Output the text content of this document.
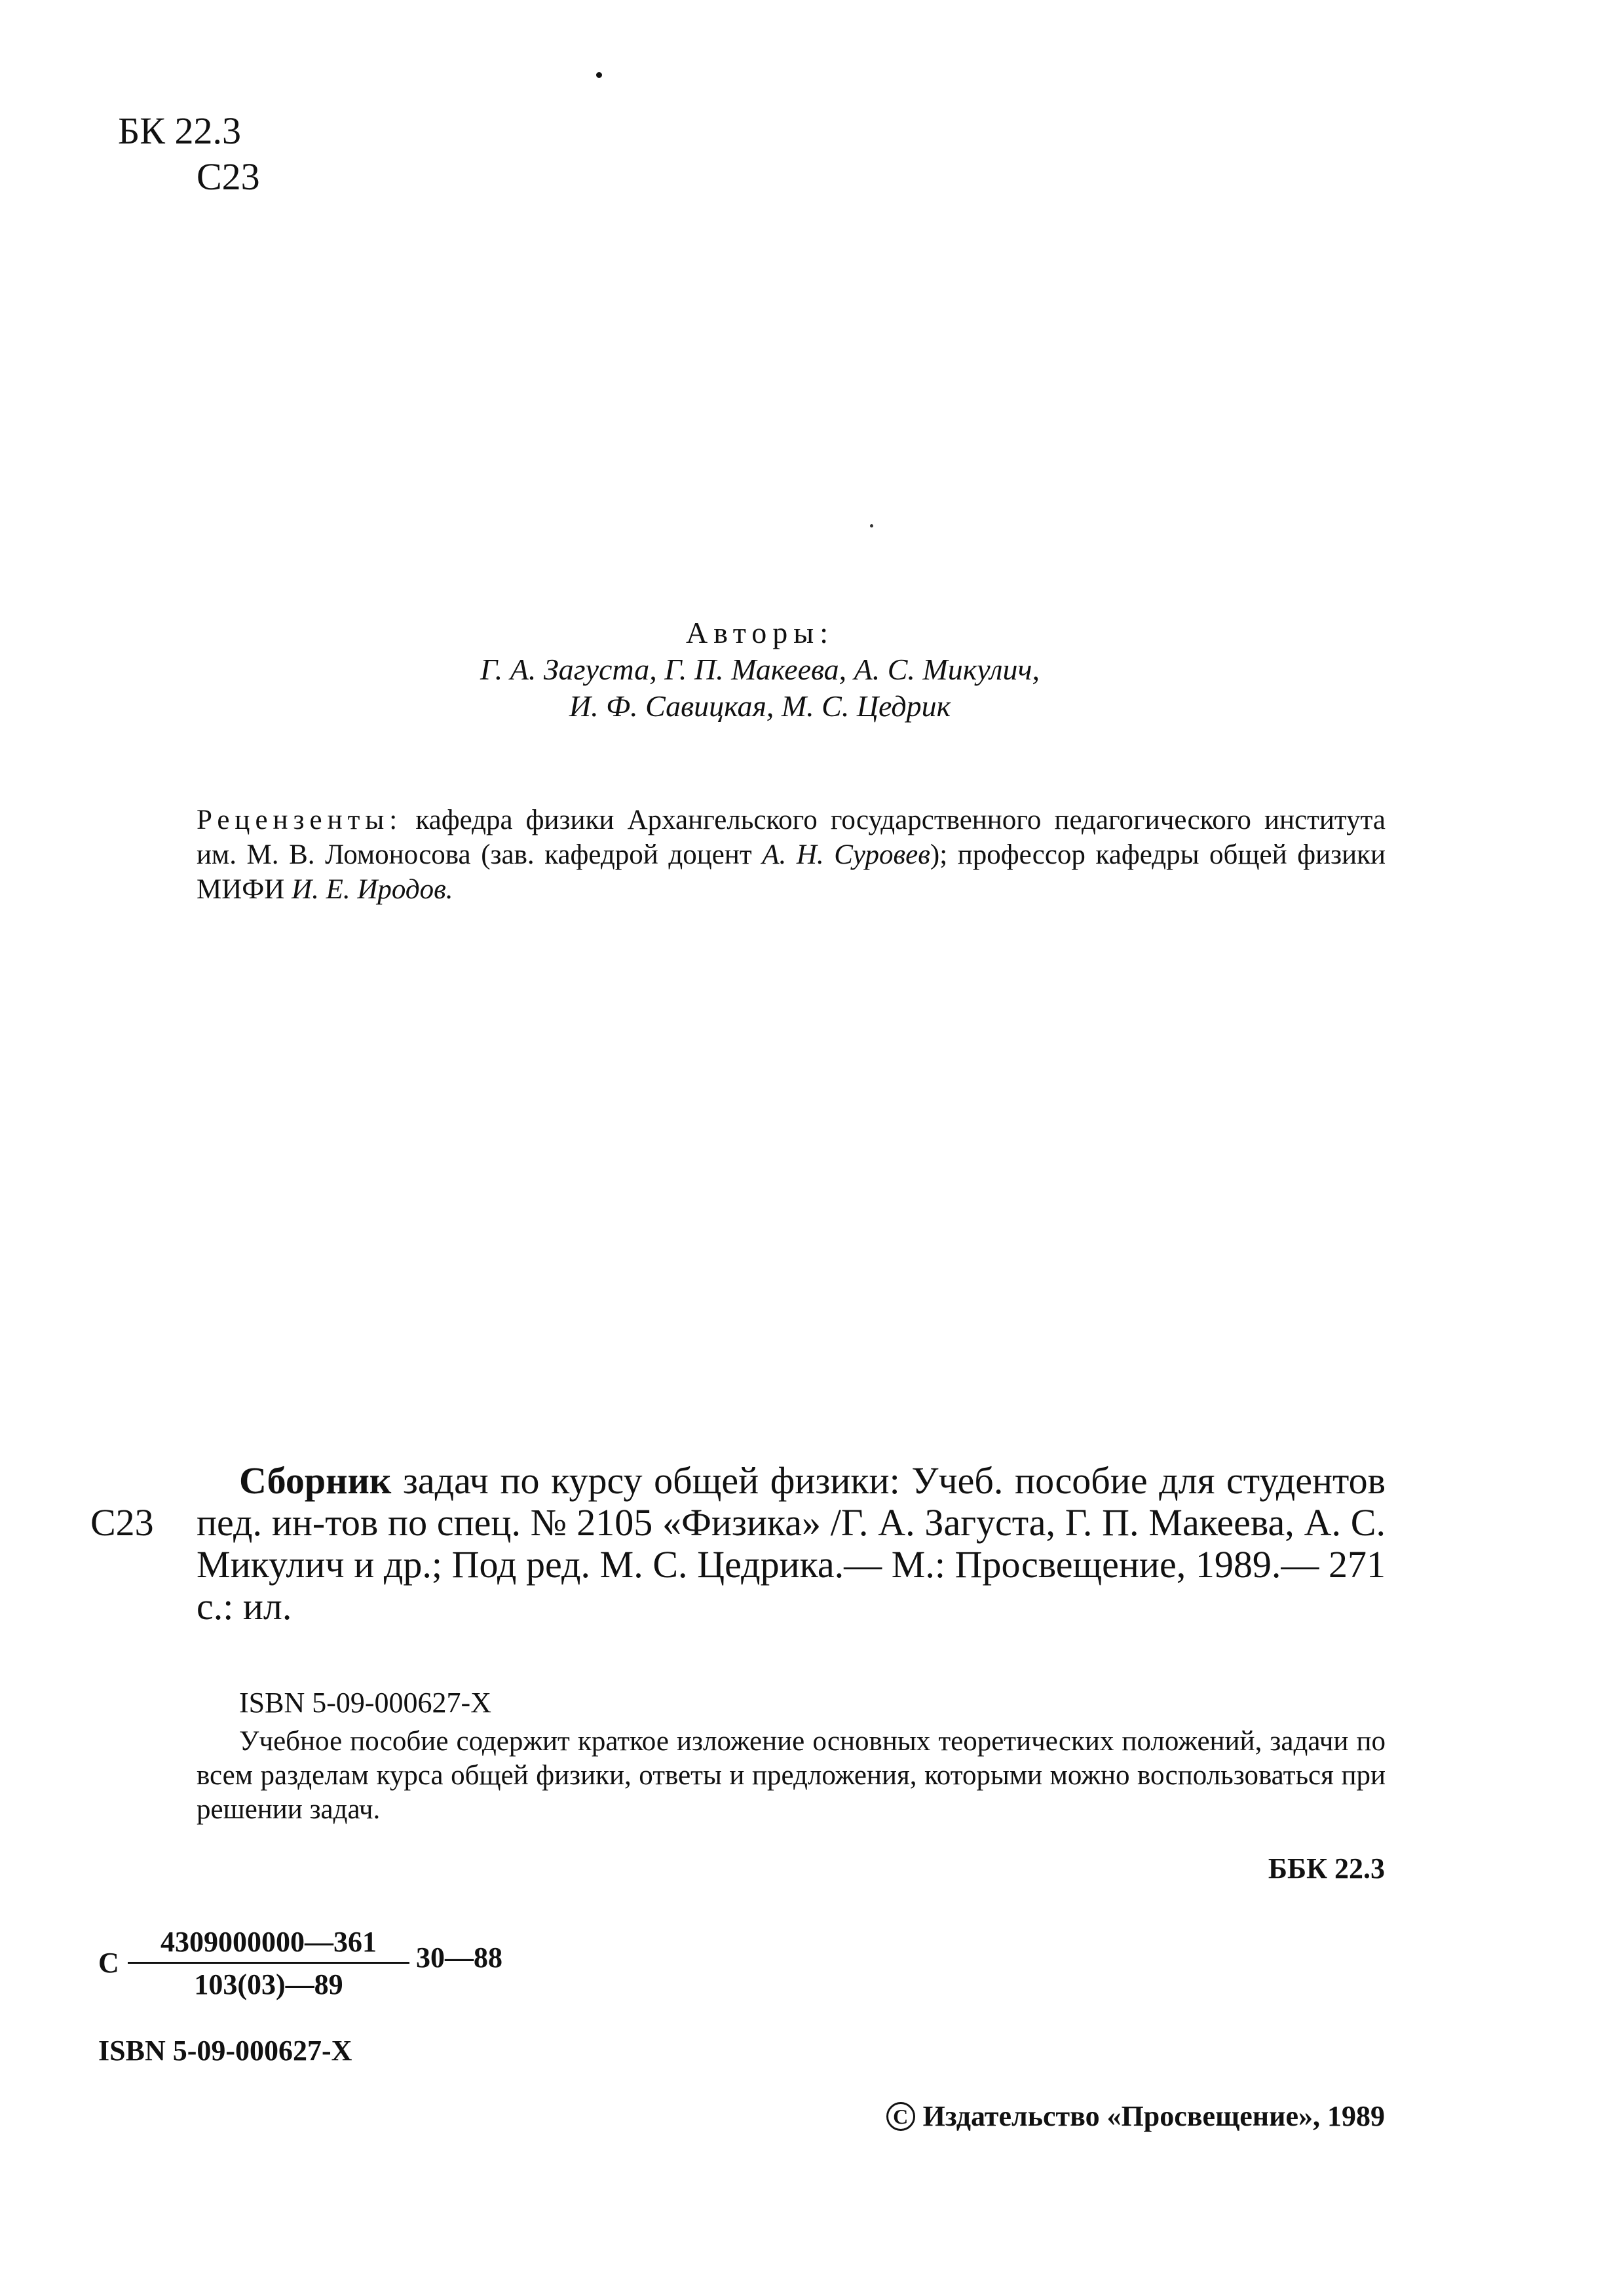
БК 22.3
С23
Авторы:
Г. А. Загуста, Г. П. Макеева, А. С. Микулич,
И. Ф. Савицкая, М. С. Цедрик
Рецензенты: кафедра физики Архангельского государственного педагогического института им. М. В. Ломоносова (зав. кафедрой доцент А. Н. Суровев); профессор кафедры общей физики МИФИ И. Е. Иродов.
С23
Сборник задач по курсу общей физики: Учеб. пособие для студентов пед. ин-тов по спец. № 2105 «Физика» /Г. А. Загуста, Г. П. Макеева, А. С. Микулич и др.; Под ред. М. С. Цедрика.— М.: Просвещение, 1989.— 271 с.: ил.
ISBN 5-09-000627-X
Учебное пособие содержит краткое изложение основных теоретических положений, задачи по всем разделам курса общей физики, ответы и предложения, которыми можно воспользоваться при решении задач.
ББК 22.3
С
4309000000—361
103(03)—89
30—88
ISBN 5-09-000627-X
C Издательство «Просвещение», 1989
